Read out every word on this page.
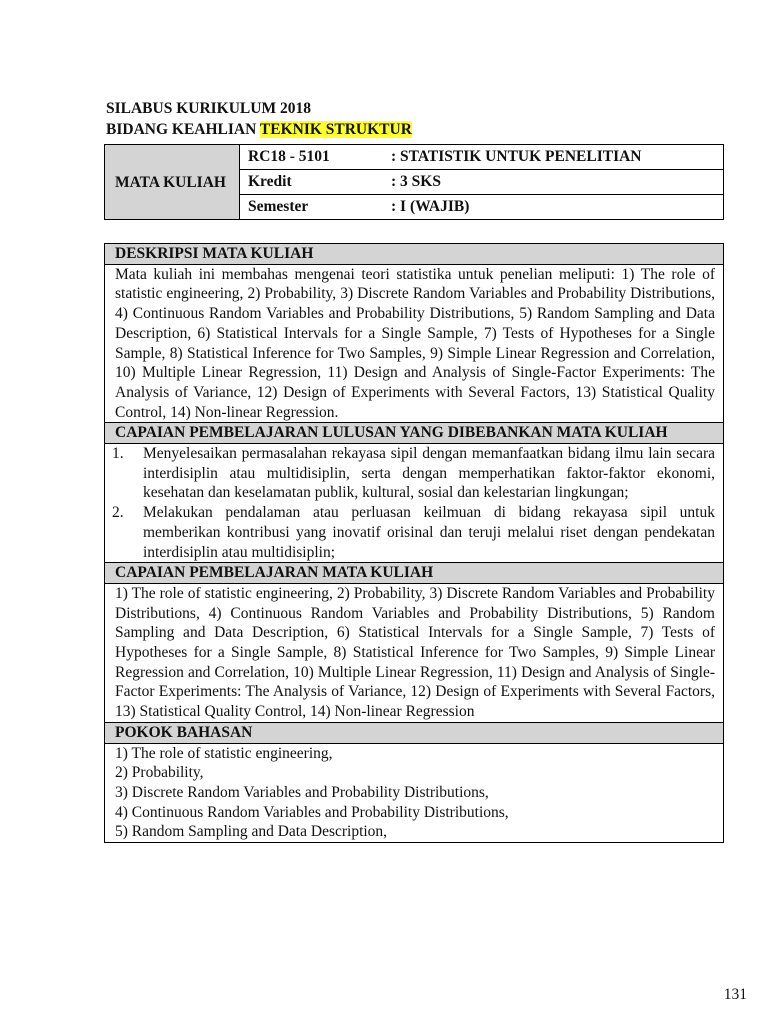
SILABUS KURIKULUM 2018
BIDANG KEAHLIAN TEKNIK STRUKTUR
MATA KULIAH	RC18 - 5101	: STATISTIK UNTUK PENELITIAN
Kredit	: 3 SKS
Semester	: I (WAJIB)
DESKRIPSI MATA KULIAH
Mata kuliah ini membahas mengenai teori statistika untuk penelian meliputi: 1) The role of statistic engineering, 2) Probability, 3) Discrete Random Variables and Probability Distributions, 4) Continuous Random Variables and Probability Distributions, 5) Random Sampling and Data Description, 6) Statistical Intervals for a Single Sample, 7) Tests of Hypotheses for a Single Sample, 8) Statistical Inference for Two Samples, 9) Simple Linear Regression and Correlation, 10) Multiple Linear Regression, 11) Design and Analysis of Single-Factor Experiments: The Analysis of Variance, 12) Design of Experiments with Several Factors, 13) Statistical Quality Control, 14) Non-linear Regression.
CAPAIAN PEMBELAJARAN LULUSAN YANG DIBEBANKAN MATA KULIAH

1. Menyelesaikan permasalahan rekayasa sipil dengan memanfaatkan bidang ilmu lain secara interdisiplin atau multidisiplin, serta dengan memperhatikan faktor-faktor ekonomi, kesehatan dan keselamatan publik, kultural, sosial dan kelestarian lingkungan;
2. Melakukan pendalaman atau perluasan keilmuan di bidang rekayasa sipil untuk memberikan kontribusi yang inovatif orisinal dan teruji melalui riset dengan pendekatan interdisiplin atau multidisiplin;

CAPAIAN PEMBELAJARAN MATA KULIAH
1) The role of statistic engineering, 2) Probability, 3) Discrete Random Variables and Probability Distributions, 4) Continuous Random Variables and Probability Distributions, 5) Random Sampling and Data Description, 6) Statistical Intervals for a Single Sample, 7) Tests of Hypotheses for a Single Sample, 8) Statistical Inference for Two Samples, 9) Simple Linear Regression and Correlation, 10) Multiple Linear Regression, 11) Design and Analysis of Single-Factor Experiments: The Analysis of Variance, 12) Design of Experiments with Several Factors, 13) Statistical Quality Control, 14) Non-linear Regression
POKOK BAHASAN

1) The role of statistic engineering,
2) Probability,
3) Discrete Random Variables and Probability Distributions,
4) Continuous Random Variables and Probability Distributions,
5) Random Sampling and Data Description,
131
